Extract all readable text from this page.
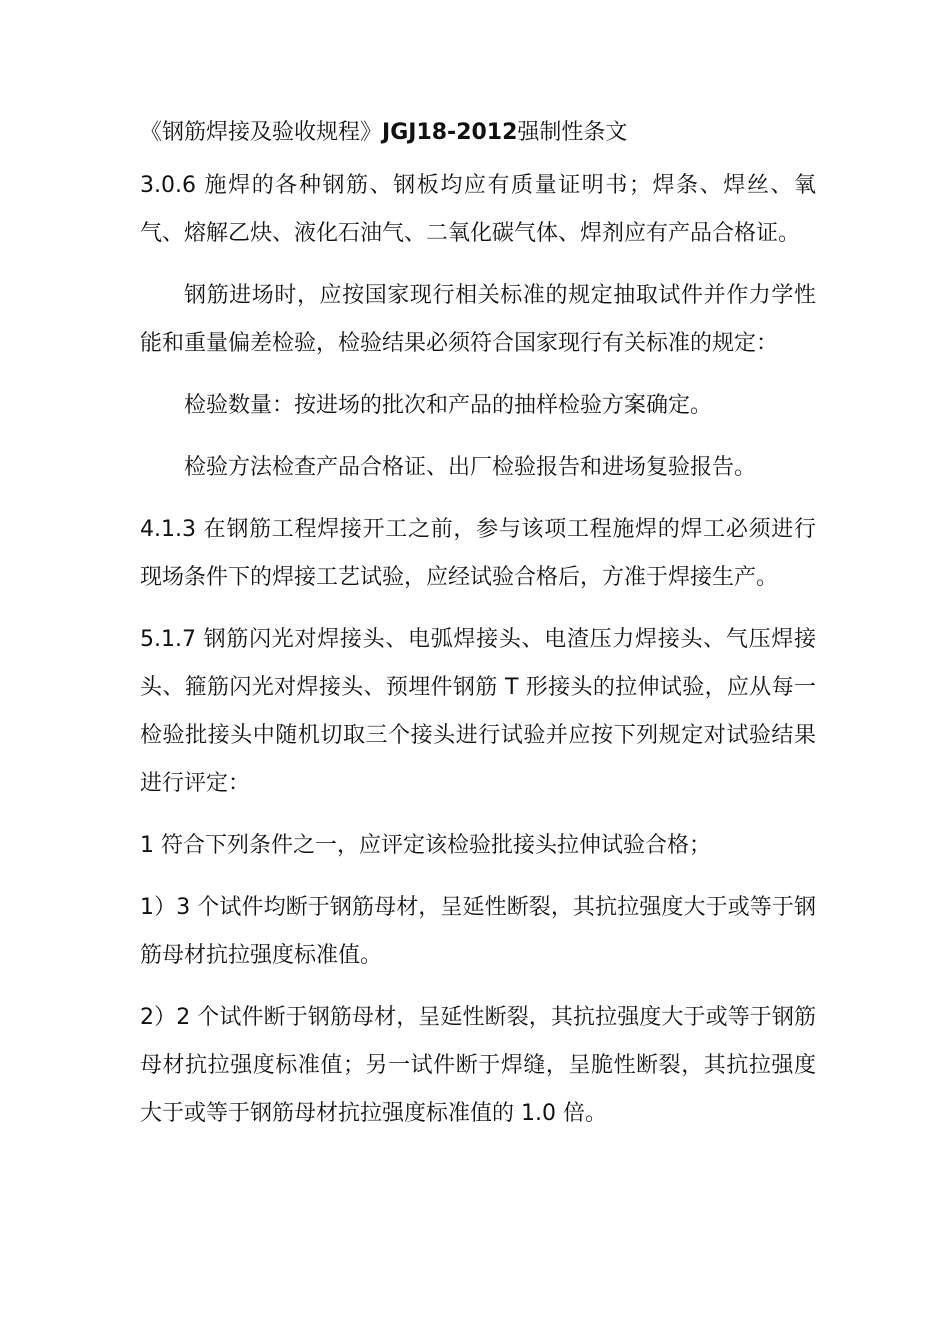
《钢筋焊接及验收规程》JGJ18-2012强制性条文

3.0.6 施焊的各种钢筋、钢板均应有质量证明书；焊条、焊丝、氧气、熔解乙炔、液化石油气、二氧化碳气体、焊剂应有产品合格证。

钢筋进场时，应按国家现行相关标准的规定抽取试件并作力学性能和重量偏差检验，检验结果必须符合国家现行有关标准的规定：

检验数量：按进场的批次和产品的抽样检验方案确定。

检验方法检查产品合格证、出厂检验报告和进场复验报告。

4.1.3 在钢筋工程焊接开工之前，参与该项工程施焊的焊工必须进行现场条件下的焊接工艺试验，应经试验合格后，方准于焊接生产。

5.1.7 钢筋闪光对焊接头、电弧焊接头、电渣压力焊接头、气压焊接头、箍筋闪光对焊接头、预埋件钢筋 T 形接头的拉伸试验，应从每一检验批接头中随机切取三个接头进行试验并应按下列规定对试验结果进行评定：

1 符合下列条件之一，应评定该检验批接头拉伸试验合格；

1）3 个试件均断于钢筋母材，呈延性断裂，其抗拉强度大于或等于钢筋母材抗拉强度标准值。

2）2 个试件断于钢筋母材，呈延性断裂，其抗拉强度大于或等于钢筋母材抗拉强度标准值；另一试件断于焊缝，呈脆性断裂，其抗拉强度大于或等于钢筋母材抗拉强度标准值的 1.0 倍。
